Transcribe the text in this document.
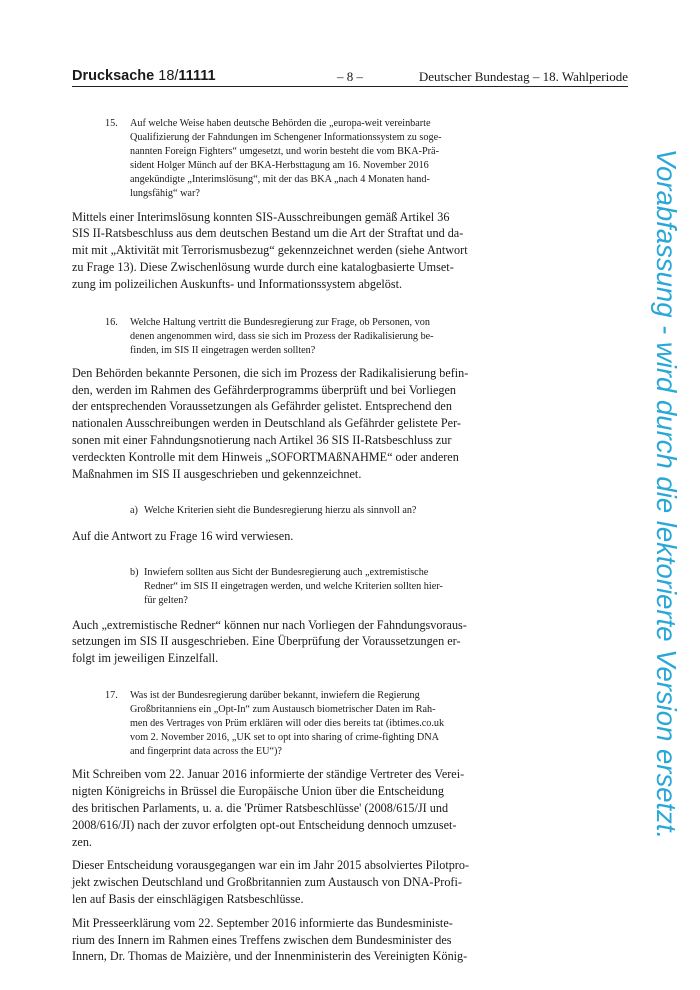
Drucksache 18/11111	– 8 –	Deutscher Bundestag – 18. Wahlperiode
15. Auf welche Weise haben deutsche Behörden die „europa-weit vereinbarte
Qualifizierung der Fahndungen im Schengener Informationssystem zu soge-
nannten Foreign Fighters“ umgesetzt, und worin besteht die vom BKA-Prä-
sident Holger Münch auf der BKA-Herbsttagung am 16. November 2016
angekündigte „Interimslösung“, mit der das BKA „nach 4 Monaten hand-
lungsfähig“ war?
Mittels einer Interimslösung konnten SIS-Ausschreibungen gemäß Artikel 36
SIS II-Ratsbeschluss aus dem deutschen Bestand um die Art der Straftat und da-
mit mit „Aktivität mit Terrorismusbezug“ gekennzeichnet werden (siehe Antwort
zu Frage 13). Diese Zwischenlösung wurde durch eine katalogbasierte Umset-
zung im polizeilichen Auskunfts- und Informationssystem abgelöst.
16. Welche Haltung vertritt die Bundesregierung zur Frage, ob Personen, von
denen angenommen wird, dass sie sich im Prozess der Radikalisierung be-
finden, im SIS II eingetragen werden sollten?
Den Behörden bekannte Personen, die sich im Prozess der Radikalisierung befin-
den, werden im Rahmen des Gefährderprogramms überprüft und bei Vorliegen
der entsprechenden Voraussetzungen als Gefährder gelistet. Entsprechend den
nationalen Ausschreibungen werden in Deutschland als Gefährder gelistete Per-
sonen mit einer Fahndungsnotierung nach Artikel 36 SIS II-Ratsbeschluss zur
verdeckten Kontrolle mit dem Hinweis „SOFORTMAßNAHME“ oder anderen
Maßnahmen im SIS II ausgeschrieben und gekennzeichnet.
a) Welche Kriterien sieht die Bundesregierung hierzu als sinnvoll an?
Auf die Antwort zu Frage 16 wird verwiesen.
b) Inwiefern sollten aus Sicht der Bundesregierung auch „extremistische
Redner“ im SIS II eingetragen werden, und welche Kriterien sollten hier-
für gelten?
Auch „extremistische Redner“ können nur nach Vorliegen der Fahndungsvoraus-
setzungen im SIS II ausgeschrieben. Eine Überprüfung der Voraussetzungen er-
folgt im jeweiligen Einzelfall.
17. Was ist der Bundesregierung darüber bekannt, inwiefern die Regierung
Großbritanniens ein „Opt-In“ zum Austausch biometrischer Daten im Rah-
men des Vertrages von Prüm erklären will oder dies bereits tat (ibtimes.co.uk
vom 2. November 2016, „UK set to opt into sharing of crime-fighting DNA
and fingerprint data across the EU“)?
Mit Schreiben vom 22. Januar 2016 informierte der ständige Vertreter des Verei-
nigten Königreichs in Brüssel die Europäische Union über die Entscheidung
des britischen Parlaments, u. a. die 'Prümer Ratsbeschlüsse' (2008/615/JI und
2008/616/JI) nach der zuvor erfolgten opt-out Entscheidung dennoch umzuset-
zen.
Dieser Entscheidung vorausgegangen war ein im Jahr 2015 absolviertes Pilotpro-
jekt zwischen Deutschland und Großbritannien zum Austausch von DNA-Profi-
len auf Basis der einschlägigen Ratsbeschlüsse.
Mit Presseerklärung vom 22. September 2016 informierte das Bundesministe-
rium des Innern im Rahmen eines Treffens zwischen dem Bundesminister des
Innern, Dr. Thomas de Maizière, und der Innenministerin des Vereinigten König-
Vorabfassung - wird durch die lektorierte Version ersetzt.
